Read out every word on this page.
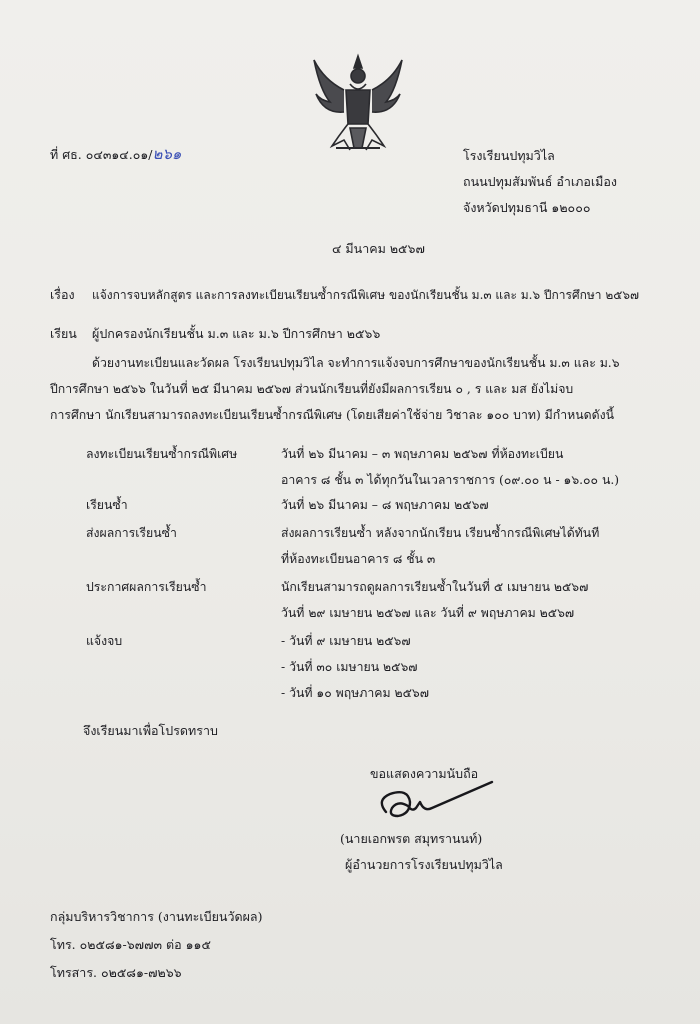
ที่ ศธ. ๐๔๓๑๔.๐๑/๒๖๑	โรงเรียนปทุมวิไล
ถนนปทุมสัมพันธ์ อำเภอเมือง
จังหวัดปทุมธานี ๑๒๐๐๐
๔ มีนาคม ๒๕๖๗
เรื่อง แจ้งการจบหลักสูตร และการลงทะเบียนเรียนซ้ำกรณีพิเศษ ของนักเรียนชั้น ม.๓ และ ม.๖ ปีการศึกษา ๒๕๖๗
เรียน ผู้ปกครองนักเรียนชั้น ม.๓ และ ม.๖ ปีการศึกษา ๒๕๖๖

ด้วยงานทะเบียนและวัดผล โรงเรียนปทุมวิไล จะทำการแจ้งจบการศึกษาของนักเรียนชั้น ม.๓ และ ม.๖

ปีการศึกษา ๒๕๖๖ ในวันที่ ๒๕ มีนาคม ๒๕๖๗ ส่วนนักเรียนที่ยังมีผลการเรียน ๐ , ร และ มส ยังไม่จบ

การศึกษา นักเรียนสามารถลงทะเบียนเรียนซ้ำกรณีพิเศษ (โดยเสียค่าใช้จ่าย วิชาละ ๑๐๐ บาท) มีกำหนดดังนี้

ลงทะเบียนเรียนซ้ำกรณีพิเศษ	วันที่ ๒๖ มีนาคม – ๓ พฤษภาคม ๒๕๖๗ ที่ห้องทะเบียน
อาคาร ๘ ชั้น ๓ ได้ทุกวันในเวลาราชการ (๐๙.๐๐ น - ๑๖.๐๐ น.)
เรียนซ้ำ	วันที่ ๒๖ มีนาคม – ๘ พฤษภาคม ๒๕๖๗
ส่งผลการเรียนซ้ำ	ส่งผลการเรียนซ้ำ หลังจากนักเรียน เรียนซ้ำกรณีพิเศษได้ทันที
ที่ห้องทะเบียนอาคาร ๘ ชั้น ๓
ประกาศผลการเรียนซ้ำ	นักเรียนสามารถดูผลการเรียนซ้ำในวันที่ ๕ เมษายน ๒๕๖๗
วันที่ ๒๙ เมษายน ๒๕๖๗ และ วันที่ ๙ พฤษภาคม ๒๕๖๗
แจ้งจบ	- วันที่ ๙ เมษายน ๒๕๖๗
- วันที่ ๓๐ เมษายน ๒๕๖๗
- วันที่ ๑๐ พฤษภาคม ๒๕๖๗
จึงเรียนมาเพื่อโปรดทราบ
ขอแสดงความนับถือ
(นายเอกพรต สมุทรานนท์)
ผู้อำนวยการโรงเรียนปทุมวิไล
กลุ่มบริหารวิชาการ (งานทะเบียนวัดผล)
โทร. ๐๒๕๘๑-๖๗๗๓ ต่อ ๑๑๕
โทรสาร. ๐๒๕๘๑-๗๒๖๖
